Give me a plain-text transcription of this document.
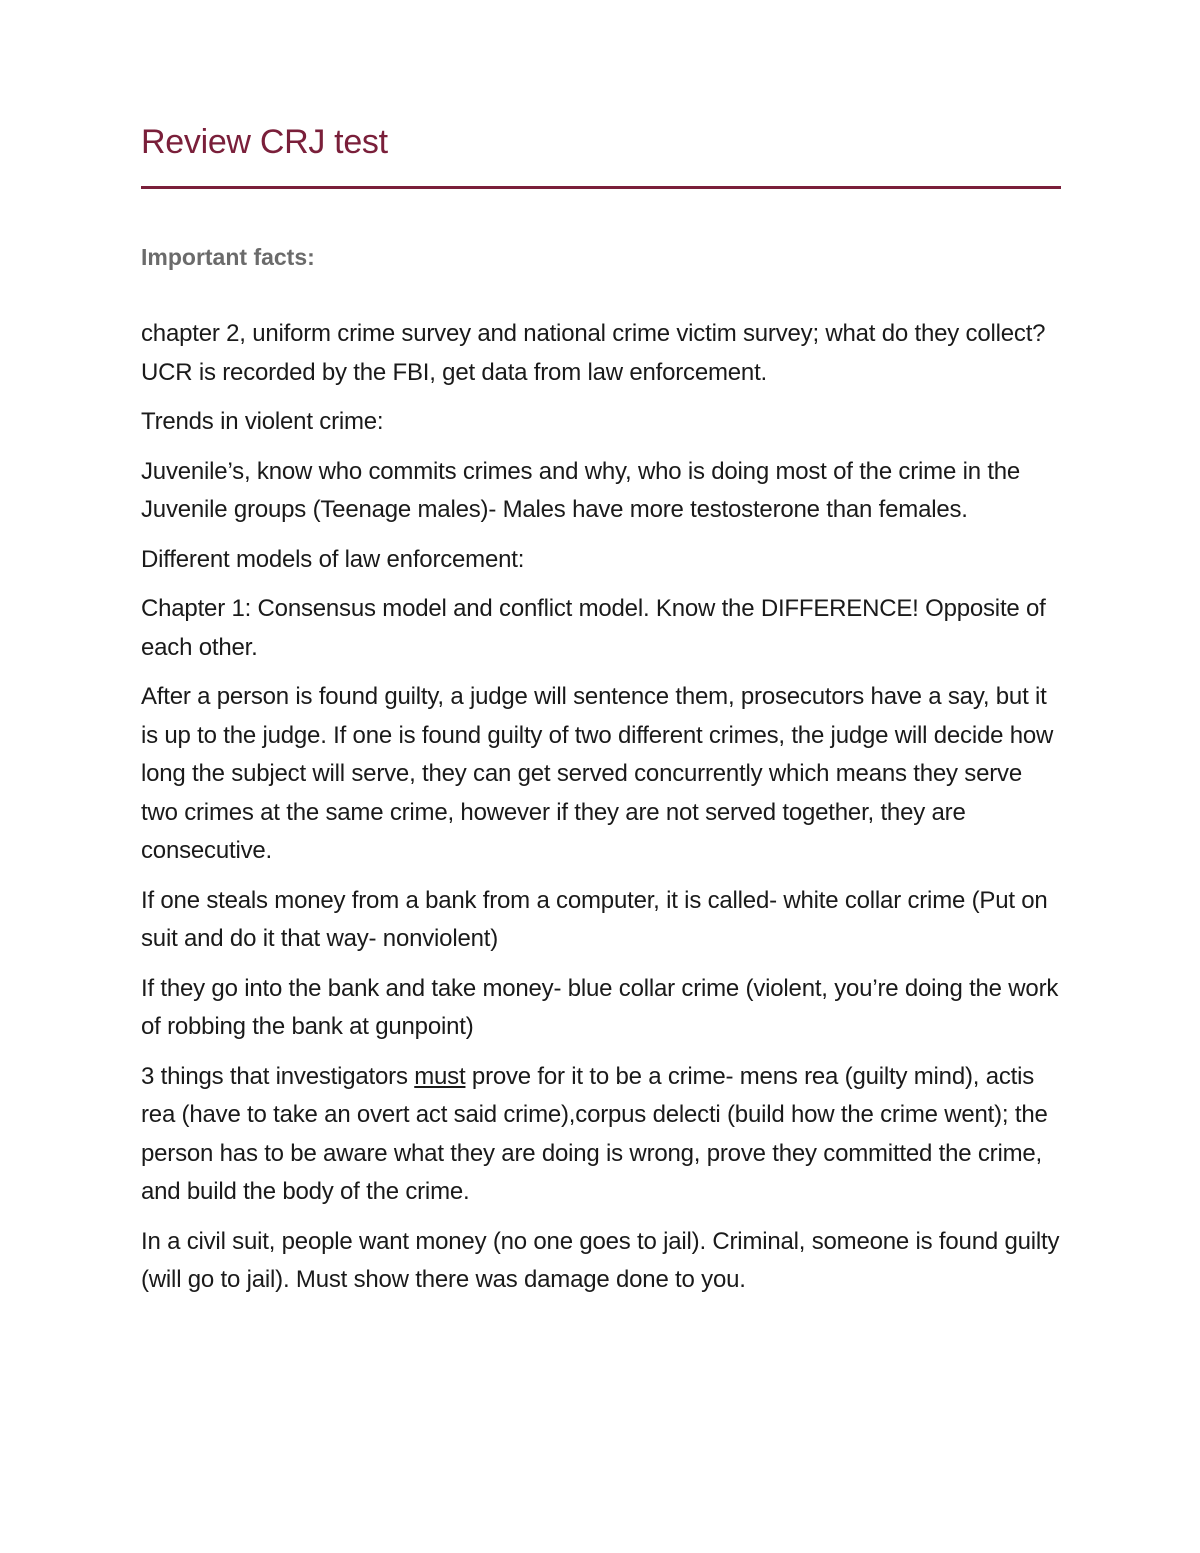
Review CRJ test
Important facts:

chapter 2, uniform crime survey and national crime victim survey; what do they collect? UCR is recorded by the FBI, get data from law enforcement.

Trends in violent crime:

Juvenile’s, know who commits crimes and why, who is doing most of the crime in the Juvenile groups (Teenage males)- Males have more testosterone than females.

Different models of law enforcement:

Chapter 1: Consensus model and conflict model. Know the DIFFERENCE! Opposite of each other.

After a person is found guilty, a judge will sentence them, prosecutors have a say, but it is up to the judge. If one is found guilty of two different crimes, the judge will decide how long the subject will serve, they can get served concurrently which means they serve two crimes at the same crime, however if they are not served together, they are consecutive.

If one steals money from a bank from a computer, it is called- white collar crime (Put on suit and do it that way- nonviolent)

If they go into the bank and take money- blue collar crime (violent, you’re doing the work of robbing the bank at gunpoint)

3 things that investigators must prove for it to be a crime- mens rea (guilty mind), actis rea (have to take an overt act said crime),corpus delecti (build how the crime went); the person has to be aware what they are doing is wrong, prove they committed the crime, and build the body of the crime.

In a civil suit, people want money (no one goes to jail). Criminal, someone is found guilty (will go to jail). Must show there was damage done to you.
